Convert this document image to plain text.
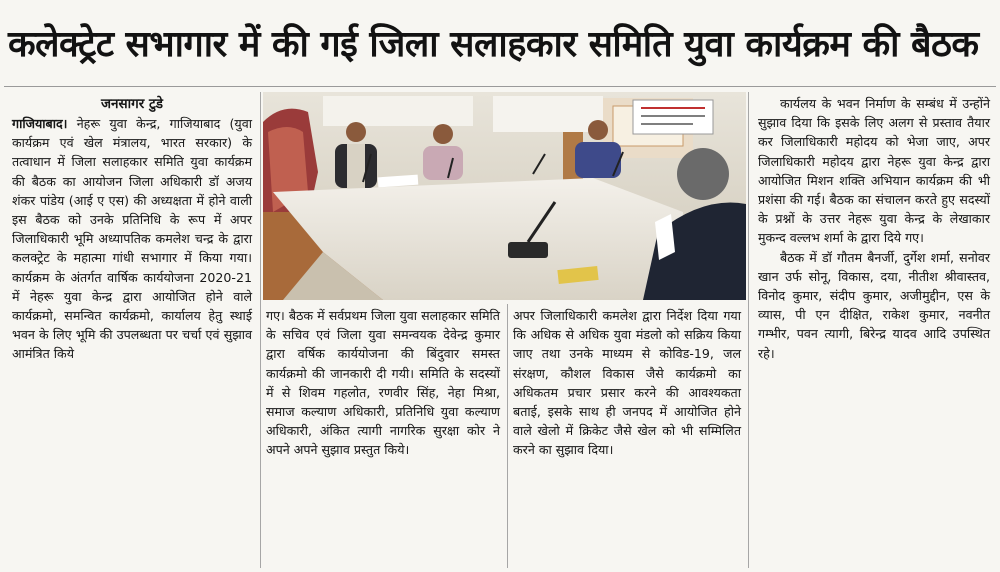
कलेक्ट्रेट सभागार में की गई जिला सलाहकार समिति युवा कार्यक्रम की बैठक
जनसागर टुडे
गाजियाबाद। नेहरू युवा केन्द्र, गाजियाबाद (युवा कार्यक्रम एवं खेल मंत्रालय, भारत सरकार) के तत्वाधान में जिला सलाहकार समिति युवा कार्यक्रम की बैठक का आयोजन जिला अधिकारी डॉ अजय शंकर पांडेय (आई ए एस) की अध्यक्षता में होने वाली इस बैठक को उनके प्रतिनिधि के रूप में अपर जिलाधिकारी भूमि अध्यापतिक कमलेश चन्द्र के द्वारा कलक्ट्रेट के महात्मा गांधी सभागार में किया गया। कार्यक्रम के अंतर्गत वार्षिक कार्ययोजना 2020-21 में नेहरू युवा केन्द्र द्वारा आयोजित होने वाले कार्यक्रमो, समन्वित कार्यक्रमो, कार्यालय हेतु स्थाई भवन के लिए भूमि की उपलब्धता पर चर्चा एवं सुझाव आमंत्रित किये
गए। बैठक में सर्वप्रथम जिला युवा सलाहकार समिति के सचिव एवं जिला युवा समन्वयक देवेन्द्र कुमार द्वारा वर्षिक कार्ययोजना की बिंदुवार समस्त कार्यक्रमो की जानकारी दी गयी। समिति के सदस्यों में से शिवम गहलोत, रणवीर सिंह, नेहा मिश्रा, समाज कल्याण अधिकारी, प्रतिनिधि युवा कल्याण अधिकारी, अंकित त्यागी नागरिक सुरक्षा कोर ने अपने अपने सुझाव प्रस्तुत किये।
अपर जिलाधिकारी कमलेश द्वारा निर्देश दिया गया कि अधिक से अधिक युवा मंडलो को सक्रिय किया जाए तथा उनके माध्यम से कोविड-19, जल संरक्षण, कौशल विकास जैसे कार्यक्रमो का अधिकतम प्रचार प्रसार करने की आवश्यकता बताई, इसके साथ ही जनपद में आयोजित होने वाले खेलो में क्रिकेट जैसे खेल को भी सम्मिलित करने का सुझाव दिया।
कार्यलय के भवन निर्माण के सम्बंध में उन्होंने सुझाव दिया कि इसके लिए अलग से प्रस्ताव तैयार कर जिलाधिकारी महोदय को भेजा जाए, अपर जिलाधिकारी महोदय द्वारा नेहरू युवा केन्द्र द्वारा आयोजित मिशन शक्ति अभियान कार्यक्रम की भी प्रशंसा की गई। बैठक का संचालन करते हुए सदस्यों के प्रश्नों के उत्तर नेहरू युवा केन्द्र के लेखाकार मुकन्द वल्लभ शर्मा के द्वारा दिये गए।
बैठक में डॉ गौतम बैनर्जी, दुर्गेश शर्मा, सनोवर खान उर्फ सोनू, विकास, दया, नीतीश श्रीवास्तव, विनोद कुमार, संदीप कुमार, अजीमुद्दीन, एस के व्यास, पी एन दीक्षित, राकेश कुमार, नवनीत गम्भीर, पवन त्यागी, बिरेन्द्र यादव आदि उपस्थित रहे।
